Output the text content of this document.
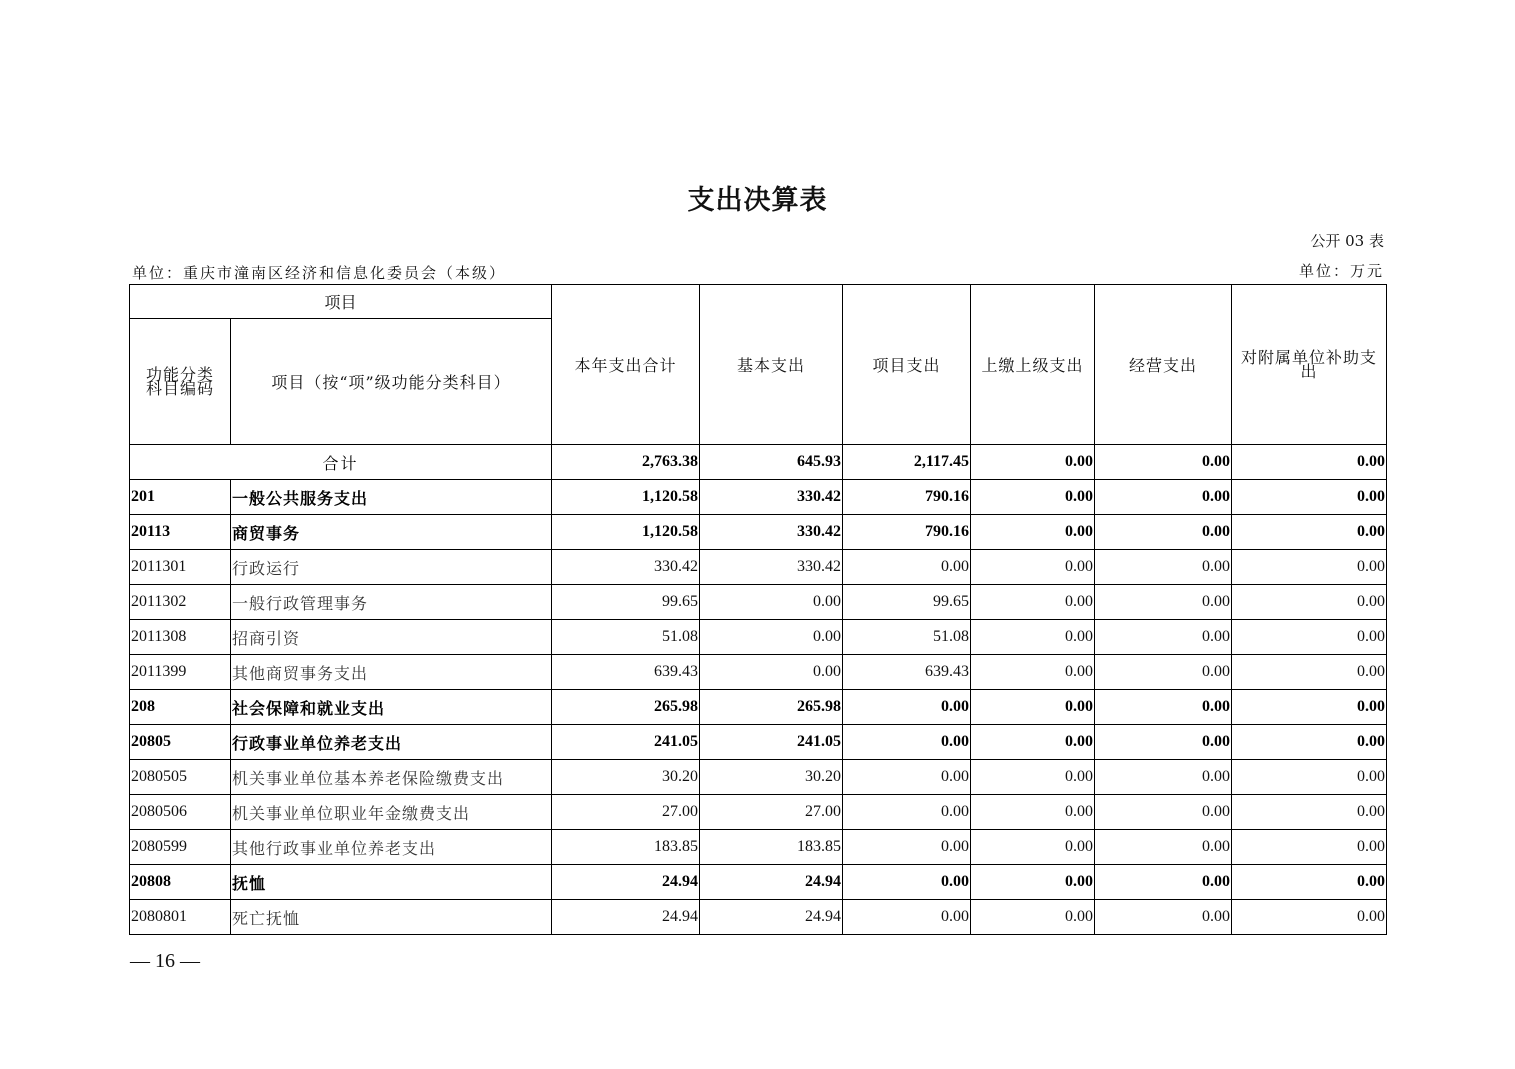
支出决算表
公开 03 表
单位：重庆市潼南区经济和信息化委员会（本级）	单位：万元
项目		本年支出合计	基本支出	项目支出	上缴上级支出	经营支出	对附属单位补助支出
功能分类科目编码	项目（按“项”级功能分类科目）						
合计		2,763.38	645.93	2,117.45	0.00	0.00	0.00
201	一般公共服务支出	1,120.58	330.42	790.16	0.00	0.00	0.00
20113	商贸事务	1,120.58	330.42	790.16	0.00	0.00	0.00
2011301	行政运行	330.42	330.42	0.00	0.00	0.00	0.00
2011302	一般行政管理事务	99.65	0.00	99.65	0.00	0.00	0.00
2011308	招商引资	51.08	0.00	51.08	0.00	0.00	0.00
2011399	其他商贸事务支出	639.43	0.00	639.43	0.00	0.00	0.00
208	社会保障和就业支出	265.98	265.98	0.00	0.00	0.00	0.00
20805	行政事业单位养老支出	241.05	241.05	0.00	0.00	0.00	0.00
2080505	机关事业单位基本养老保险缴费支出	30.20	30.20	0.00	0.00	0.00	0.00
2080506	机关事业单位职业年金缴费支出	27.00	27.00	0.00	0.00	0.00	0.00
2080599	其他行政事业单位养老支出	183.85	183.85	0.00	0.00	0.00	0.00
20808	抚恤	24.94	24.94	0.00	0.00	0.00	0.00
2080801	死亡抚恤	24.94	24.94	0.00	0.00	0.00	0.00
— 16 —
